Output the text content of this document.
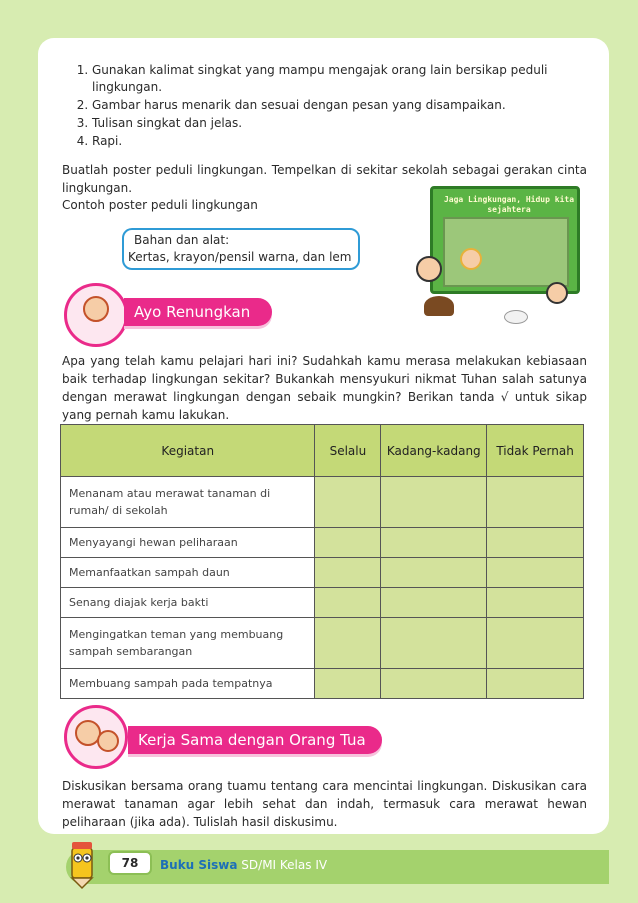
1. Gunakan kalimat singkat yang mampu mengajak orang lain bersikap peduli lingkungan.
2. Gambar harus menarik dan sesuai dengan pesan yang disampaikan.
3. Tulisan singkat dan jelas.
4. Rapi.
Buatlah poster peduli lingkungan. Tempelkan di sekitar sekolah sebagai gerakan cinta lingkungan.
Contoh poster peduli lingkungan
Bahan dan alat:
Kertas, krayon/pensil warna, dan lem
Jaga Lingkungan, Hidup kita sejahtera
Ayo Renungkan
Apa yang telah kamu pelajari hari ini? Sudahkah kamu merasa melakukan kebiasaan baik terhadap lingkungan sekitar? Bukankah mensyukuri nikmat Tuhan salah satunya dengan merawat lingkungan dengan sebaik mungkin? Berikan tanda √ untuk sikap yang pernah kamu lakukan.
Kegiatan	Selalu	Kadang-kadang	Tidak Pernah
Menanam atau merawat tanaman di rumah/ di sekolah			
Menyayangi hewan peliharaan			
Memanfaatkan sampah daun			
Senang diajak kerja bakti			
Mengingatkan teman yang membuang sampah sembarangan			
Membuang sampah pada tempatnya			
Kerja Sama dengan Orang Tua
Diskusikan bersama orang tuamu tentang cara mencintai lingkungan. Diskusikan cara merawat tanaman agar lebih sehat dan indah, termasuk cara merawat hewan peliharaan (jika ada). Tulislah hasil diskusimu.
78	Buku Siswa SD/MI Kelas IV
